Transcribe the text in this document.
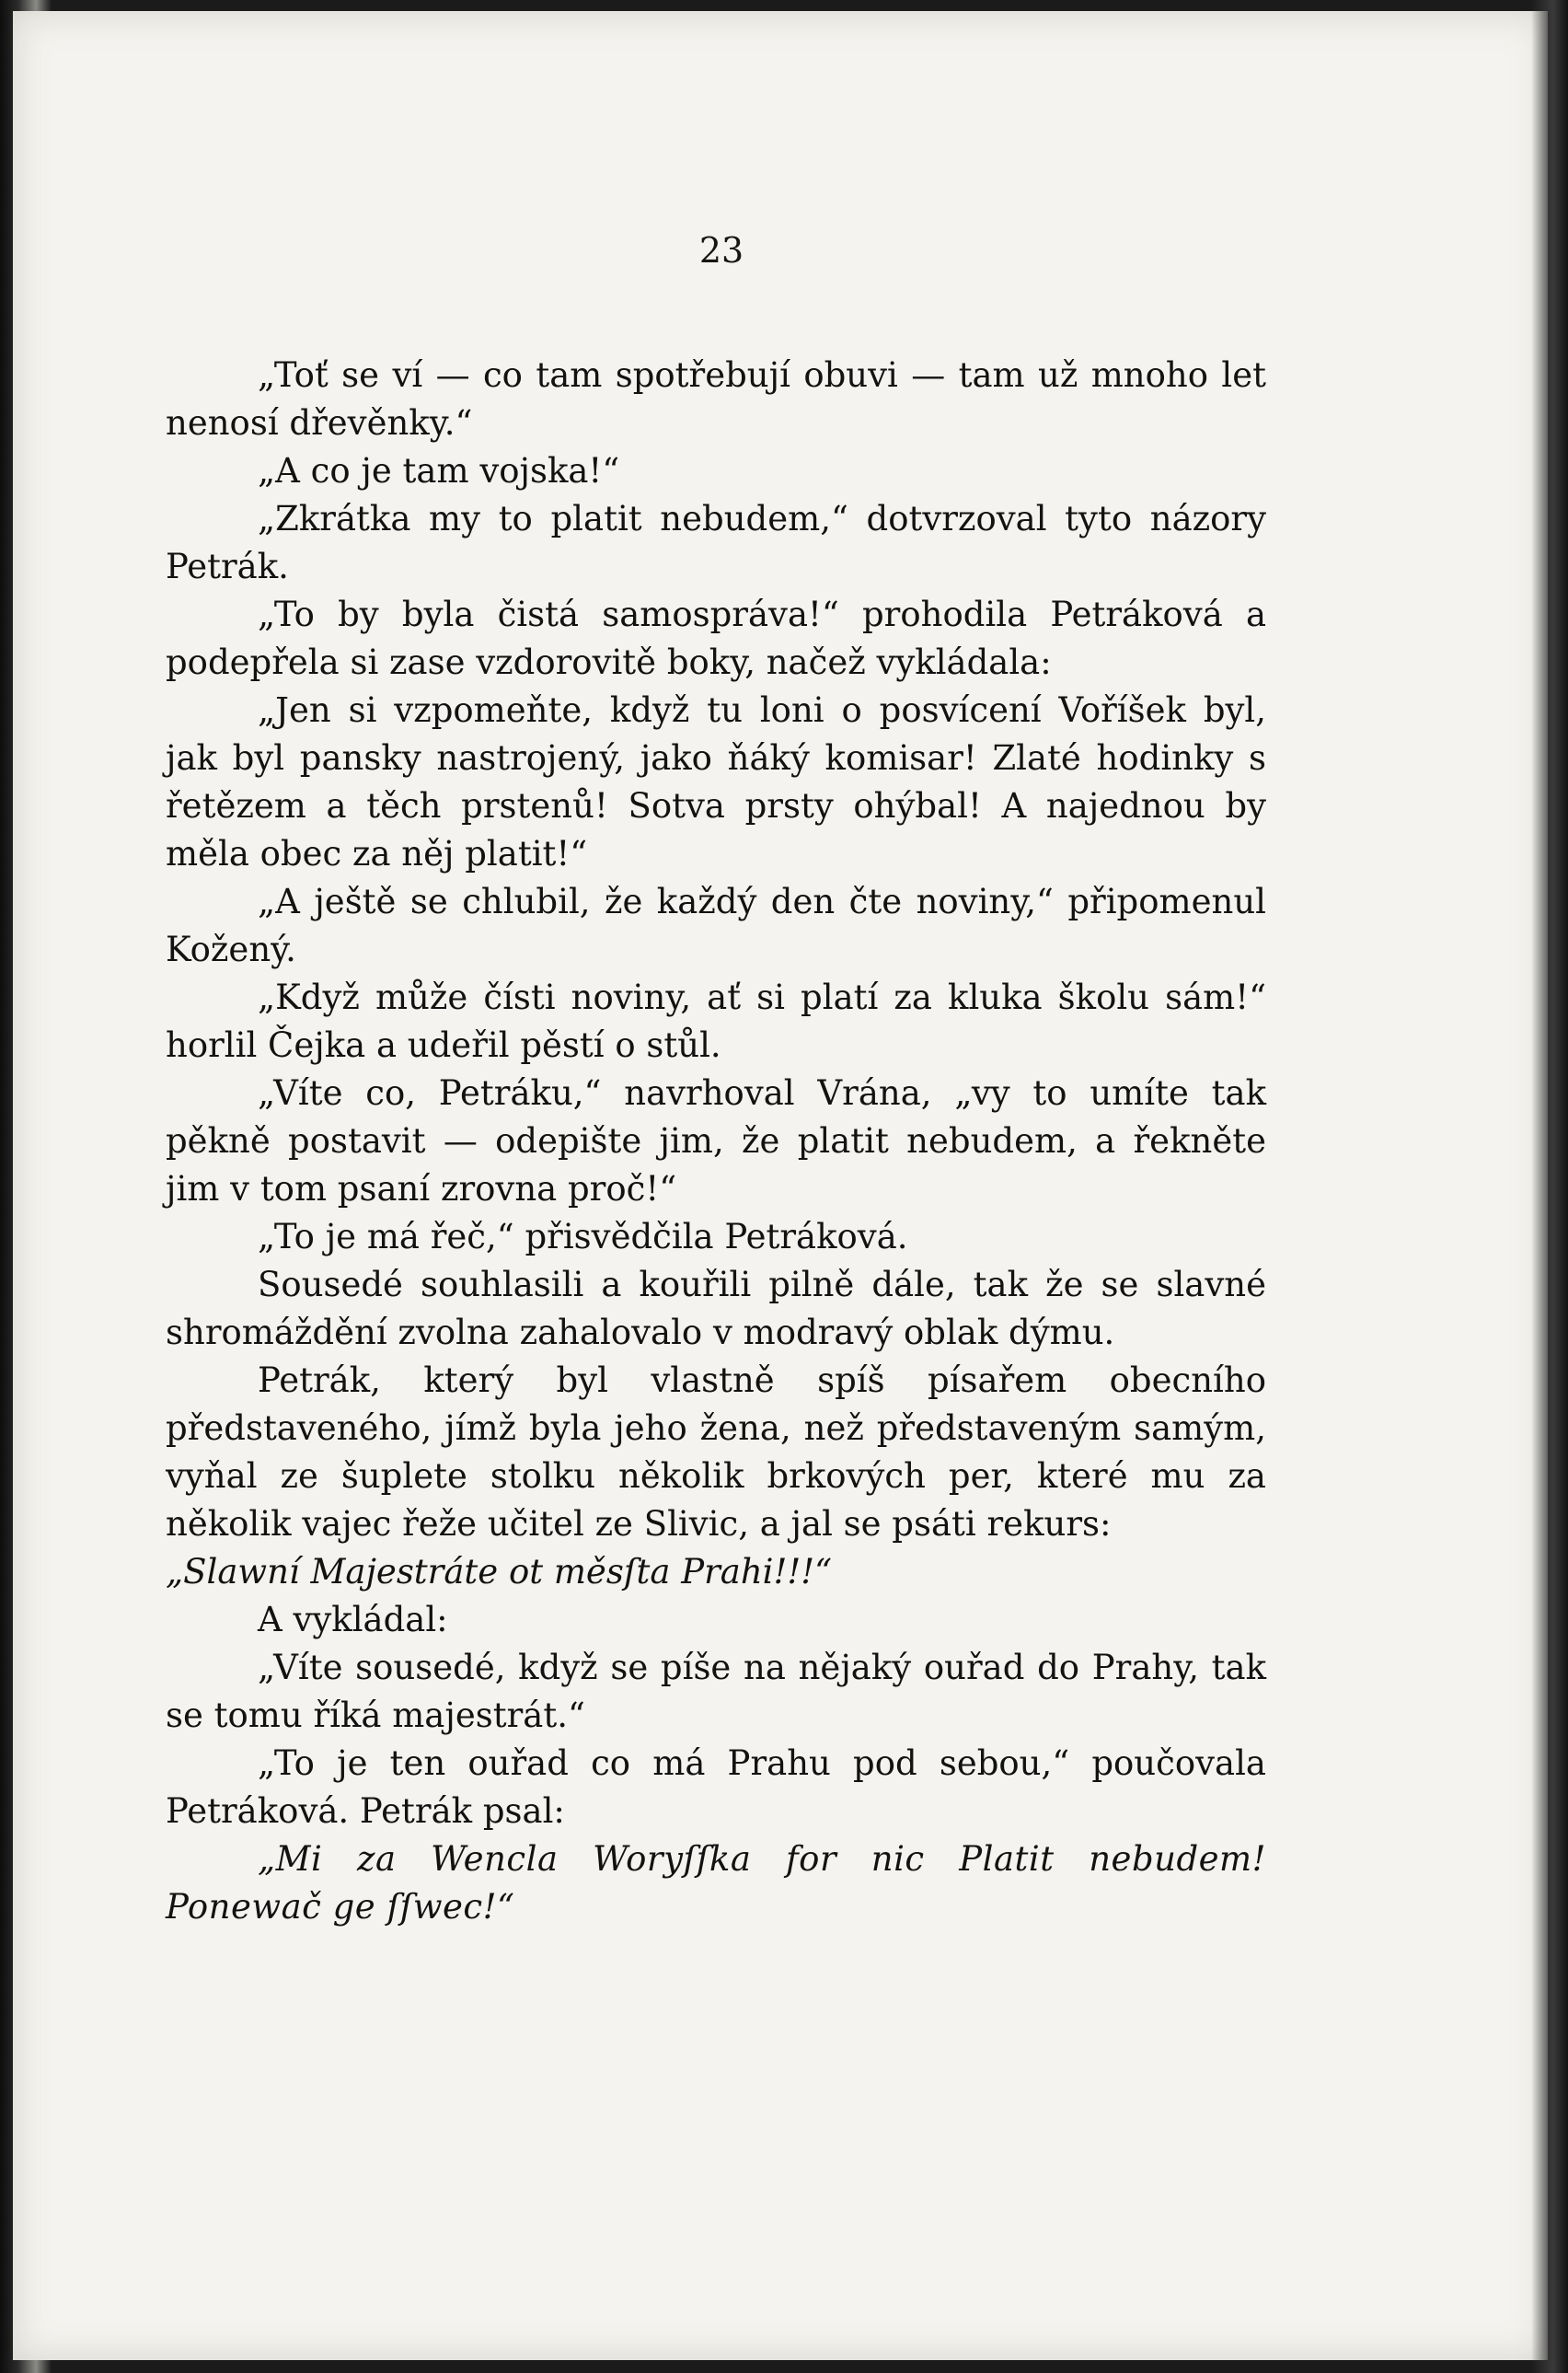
23

„Toť se ví — co tam spotřebují obuvi — tam už mnoho let nenosí dřevěnky.“

„A co je tam vojska!“

„Zkrátka my to platit nebudem,“ dotvrzoval tyto názory Petrák.

„To by byla čistá samospráva!“ prohodila Petráková a podepřela si zase vzdorovitě boky, načež vykládala:

„Jen si vzpomeňte, když tu loni o posvícení Voříšek byl, jak byl pansky nastrojený, jako ňáký komisar! Zlaté hodinky s řetězem a těch prstenů! Sotva prsty ohýbal! A najednou by měla obec za něj platit!“

„A ještě se chlubil, že každý den čte noviny,“ připomenul Kožený.

„Když může čísti noviny, ať si platí za kluka školu sám!“ horlil Čejka a udeřil pěstí o stůl.

„Víte co, Petráku,“ navrhoval Vrána, „vy to umíte tak pěkně postavit — odepište jim, že platit nebudem, a řekněte jim v tom psaní zrovna proč!“

„To je má řeč,“ přisvědčila Petráková.

Sousedé souhlasili a kouřili pilně dále, tak že se slavné shromáždění zvolna zahalovalo v modravý oblak dýmu.

Petrák, který byl vlastně spíš písařem obecního představeného, jímž byla jeho žena, než představeným samým, vyňal ze šuplete stolku několik brkových per, které mu za několik vajec řeže učitel ze Slivic, a jal se psáti rekurs:

„Slawní Majestráte ot měsſta Prahi!!!“

A vykládal:

„Víte sousedé, když se píše na nějaký ouřad do Prahy, tak se tomu říká majestrát.“

„To je ten ouřad co má Prahu pod sebou,“ poučovala Petráková. Petrák psal:

„Mi za Wencla Woryſſka for nic Platit nebudem! Ponewač ge ſſwec!“
